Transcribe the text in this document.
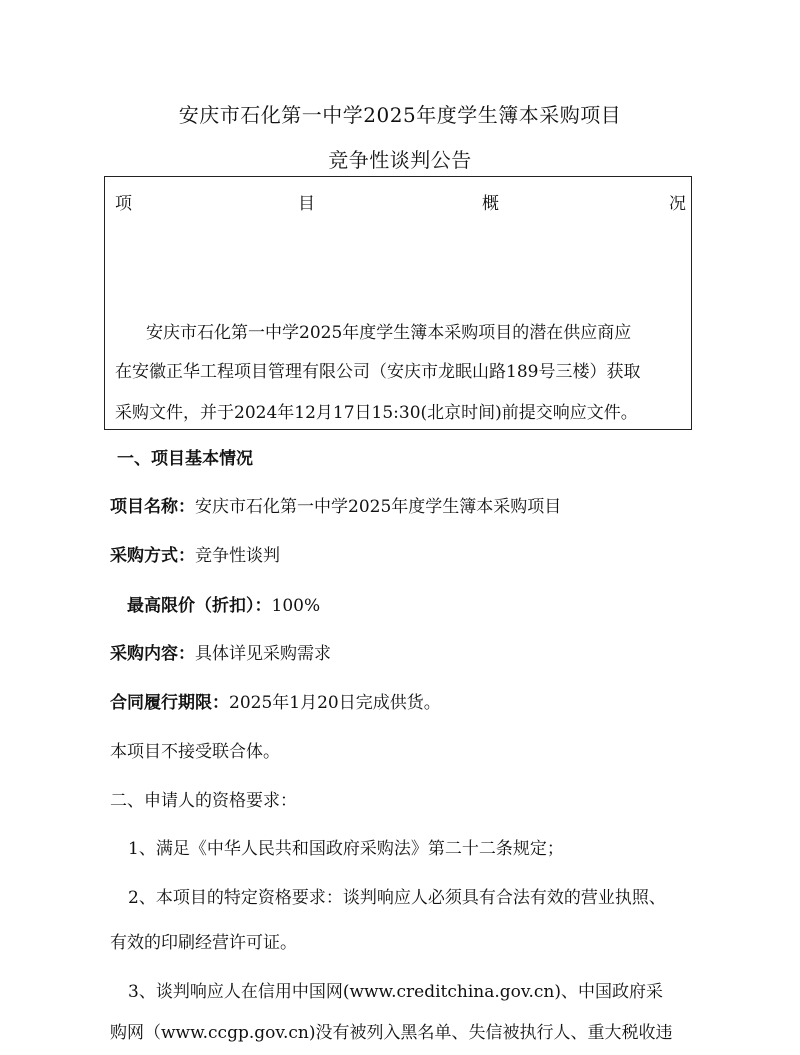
安庆市石化第一中学2025年度学生簿本采购项目
竞争性谈判公告
项	目	概	况
安庆市石化第一中学2025年度学生簿本采购项目的潜在供应商应
在安徽正华工程项目管理有限公司（安庆市龙眠山路189号三楼）获取
采购文件，并于2024年12月17日15:30(北京时间)前提交响应文件。
一、项目基本情况
项目名称：安庆市石化第一中学2025年度学生簿本采购项目
采购方式：竞争性谈判
最高限价（折扣）：100%
采购内容：具体详见采购需求
合同履行期限：2025年1月20日完成供货。
本项目不接受联合体。
二、申请人的资格要求：
1、满足《中华人民共和国政府采购法》第二十二条规定；
2、本项目的特定资格要求：谈判响应人必须具有合法有效的营业执照、
有效的印刷经营许可证。
3、谈判响应人在信用中国网(www.creditchina.gov.cn)、中国政府采
购网（www.ccgp.gov.cn)没有被列入黑名单、失信被执行人、重大税收违
